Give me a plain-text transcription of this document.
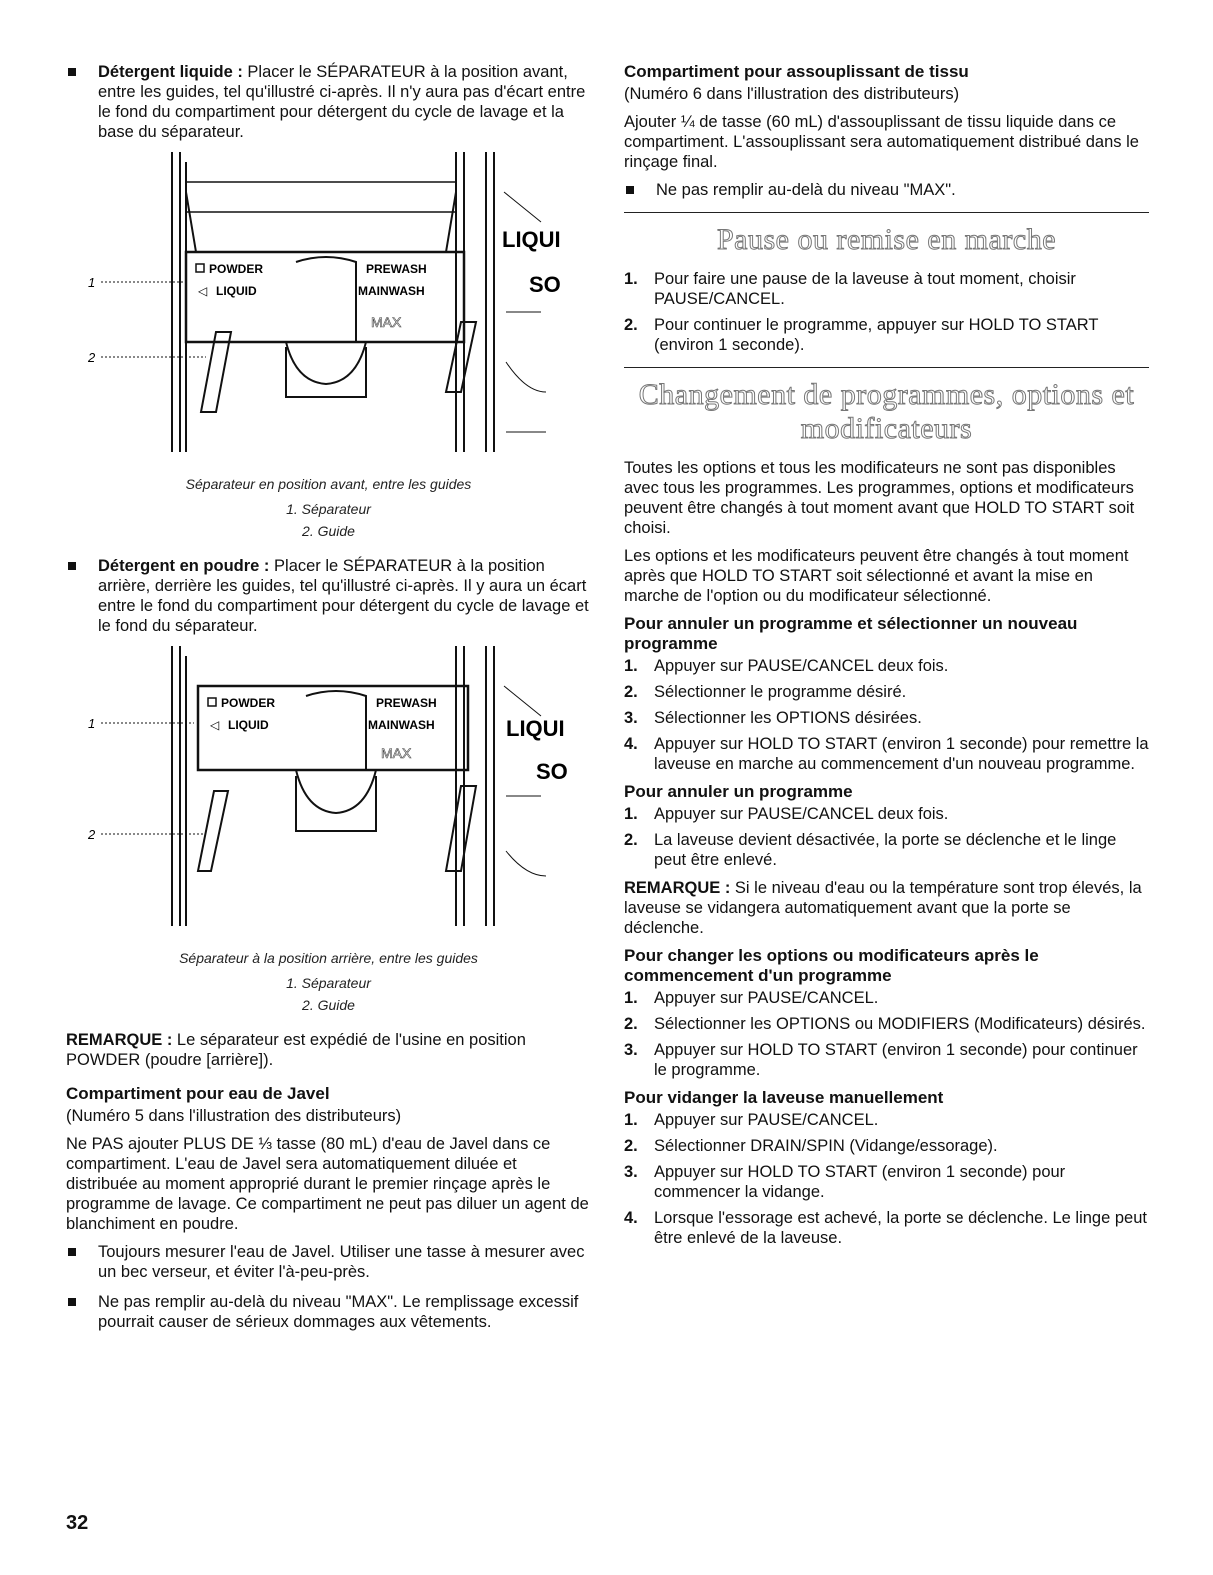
Détergent liquide : Placer le SÉPARATEUR à la position avant, entre les guides, tel qu'illustré ci-après. Il n'y aura pas d'écart entre le fond du compartiment pour détergent du cycle de lavage et la base du séparateur.
POWDER
LIQUID
◁
PREWASH
MAINWASH
MAX
LIQUI
SO
1
2
Séparateur en position avant, entre les guides
1. Séparateur
2. Guide
Détergent en poudre : Placer le SÉPARATEUR à la position arrière, derrière les guides, tel qu'illustré ci-après. Il y aura un écart entre le fond du compartiment pour détergent du cycle de lavage et le fond du séparateur.
POWDER
◁ LIQUID
PREWASH
MAINWASH
MAX
LIQUI
SO
1
2
Séparateur à la position arrière, entre les guides
1. Séparateur
2. Guide

REMARQUE : Le séparateur est expédié de l'usine en position POWDER (poudre [arrière]).

Compartiment pour eau de Javel

(Numéro 5 dans l'illustration des distributeurs)

Ne PAS ajouter PLUS DE ⅓ tasse (80 mL) d'eau de Javel dans ce compartiment. L'eau de Javel sera automatiquement diluée et distribuée au moment approprié durant le premier rinçage après le programme de lavage. Ce compartiment ne peut pas diluer un agent de blanchiment en poudre.

Toujours mesurer l'eau de Javel. Utiliser une tasse à mesurer avec un bec verseur, et éviter l'à-peu-près.
Ne pas remplir au-delà du niveau "MAX". Le remplissage excessif pourrait causer de sérieux dommages aux vêtements.
Compartiment pour assouplissant de tissu

(Numéro 6 dans l'illustration des distributeurs)

Ajouter ¼ de tasse (60 mL) d'assouplissant de tissu liquide dans ce compartiment. L'assouplissant sera automatiquement distribué dans le rinçage final.

Ne pas remplir au-delà du niveau "MAX".
Pause ou remise en marche
1. Pour faire une pause de la laveuse à tout moment, choisir PAUSE/CANCEL.
2. Pour continuer le programme, appuyer sur HOLD TO START (environ 1 seconde).
Changement de programmes, options et
modificateurs

Toutes les options et tous les modificateurs ne sont pas disponibles avec tous les programmes. Les programmes, options et modificateurs peuvent être changés à tout moment avant que HOLD TO START soit choisi.

Les options et les modificateurs peuvent être changés à tout moment après que HOLD TO START soit sélectionné et avant la mise en marche de l'option ou du modificateur sélectionné.

Pour annuler un programme et sélectionner un nouveau programme
1. Appuyer sur PAUSE/CANCEL deux fois.
2. Sélectionner le programme désiré.
3. Sélectionner les OPTIONS désirées.
4. Appuyer sur HOLD TO START (environ 1 seconde) pour remettre la laveuse en marche au commencement d'un nouveau programme.
Pour annuler un programme
1. Appuyer sur PAUSE/CANCEL deux fois.
2. La laveuse devient désactivée, la porte se déclenche et le linge peut être enlevé.

REMARQUE : Si le niveau d'eau ou la température sont trop élevés, la laveuse se vidangera automatiquement avant que la porte se déclenche.

Pour changer les options ou modificateurs après le commencement d'un programme
1. Appuyer sur PAUSE/CANCEL.
2. Sélectionner les OPTIONS ou MODIFIERS (Modificateurs) désirés.
3. Appuyer sur HOLD TO START (environ 1 seconde) pour continuer le programme.
Pour vidanger la laveuse manuellement
1. Appuyer sur PAUSE/CANCEL.
2. Sélectionner DRAIN/SPIN (Vidange/essorage).
3. Appuyer sur HOLD TO START (environ 1 seconde) pour commencer la vidange.
4. Lorsque l'essorage est achevé, la porte se déclenche. Le linge peut être enlevé de la laveuse.
32
